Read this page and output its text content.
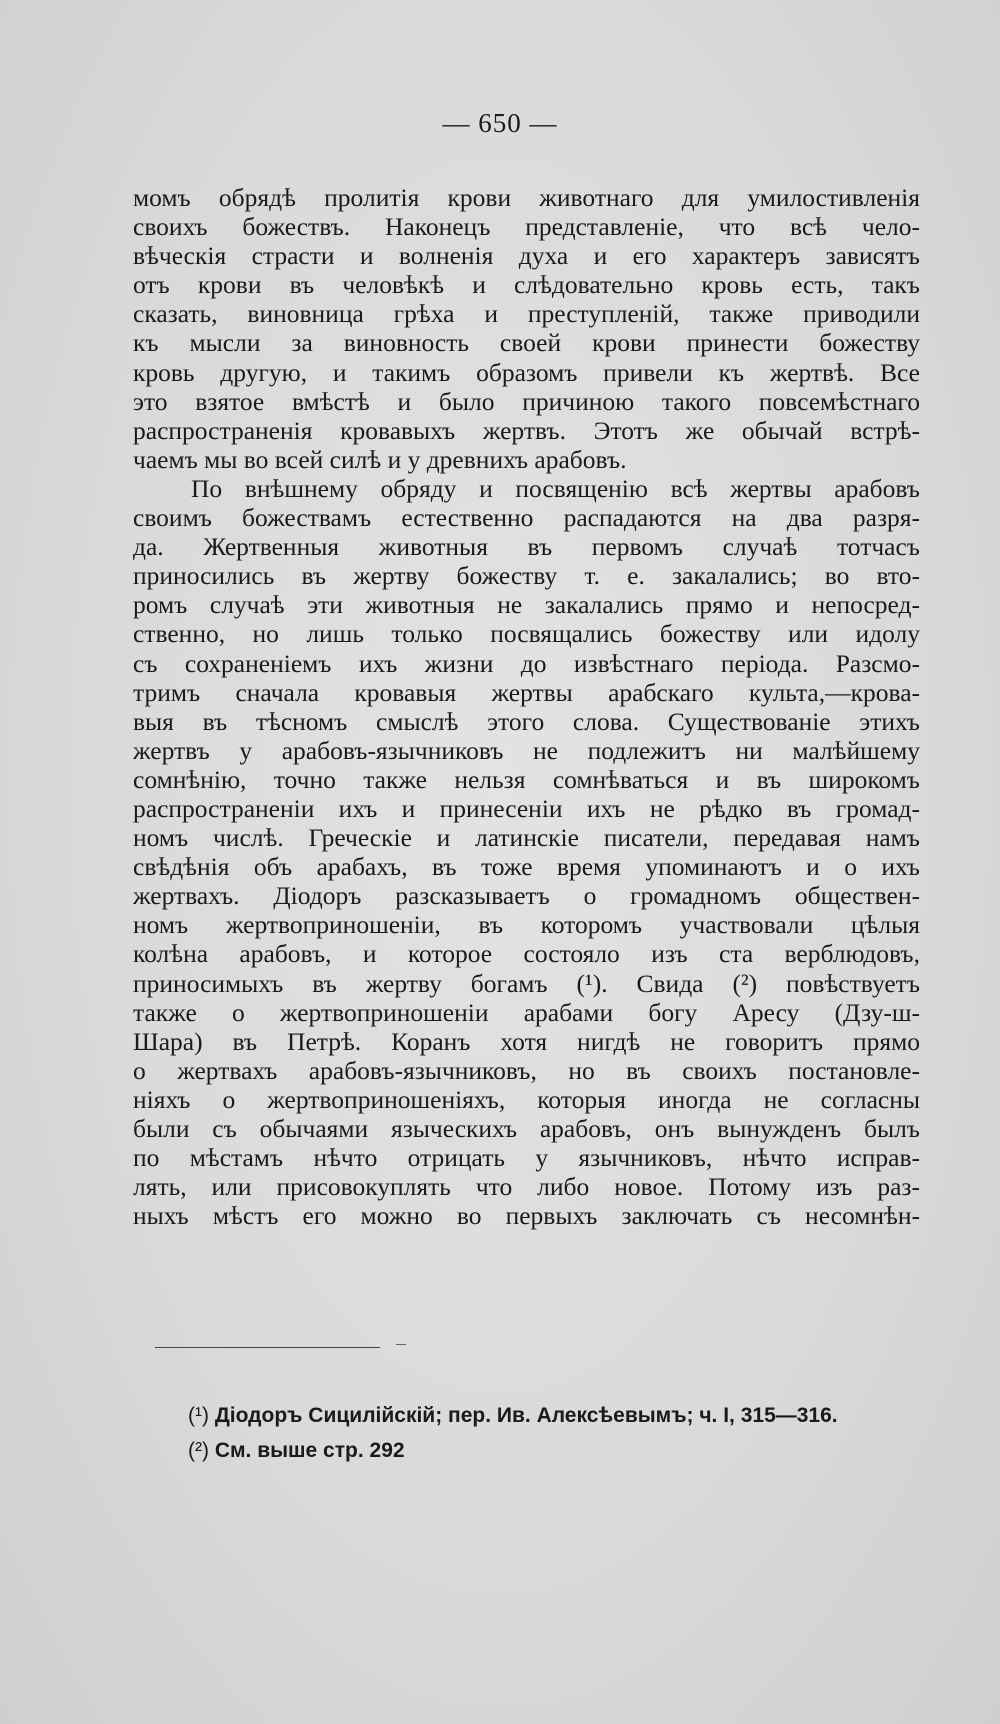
— 650 —
момъ обрядѣ пролитія крови животнаго для умилостивленія
своихъ божествъ. Наконецъ представленіе, что всѣ чело-
вѣческія страсти и волненія духа и его характеръ зависятъ
отъ крови въ человѣкѣ и слѣдовательно кровь есть, такъ
сказать, виновница грѣха и преступленій, также приводили
къ мысли за виновность своей крови принести божеству
кровь другую, и такимъ образомъ привели къ жертвѣ. Все
это взятое вмѣстѣ и было причиною такого повсемѣстнаго
распространенія кровавыхъ жертвъ. Этотъ же обычай встрѣ-
чаемъ мы во всей силѣ и у древнихъ арабовъ.
По внѣшнему обряду и посвященію всѣ жертвы арабовъ
своимъ божествамъ естественно распадаются на два разря-
да. Жертвенныя животныя въ первомъ случаѣ тотчасъ
приносились въ жертву божеству т. е. закалались; во вто-
ромъ случаѣ эти животныя не закалались прямо и непосред-
ственно, но лишь только посвящались божеству или идолу
съ сохраненіемъ ихъ жизни до извѣстнаго періода. Разсмо-
тримъ сначала кровавыя жертвы арабскаго культа,—крова-
выя въ тѣсномъ смыслѣ этого слова. Существованіе этихъ
жертвъ у арабовъ-язычниковъ не подлежитъ ни малѣйшему
сомнѣнію, точно также нельзя сомнѣваться и въ широкомъ
распространеніи ихъ и принесеніи ихъ не рѣдко въ громад-
номъ числѣ. Греческіе и латинскіе писатели, передавая намъ
свѣдѣнія объ арабахъ, въ тоже время упоминаютъ и о ихъ
жертвахъ. Діодоръ разсказываетъ о громадномъ обществен-
номъ жертвоприношеніи, въ которомъ участвовали цѣлыя
колѣна арабовъ, и которое состояло изъ ста верблюдовъ,
приносимыхъ въ жертву богамъ (¹). Свида (²) повѣствуетъ
также о жертвоприношеніи арабами богу Аресу (Дзу-ш-
Шара) въ Петрѣ. Коранъ хотя нигдѣ не говоритъ прямо
о жертвахъ арабовъ-язычниковъ, но въ своихъ постановле-
ніяхъ о жертвоприношеніяхъ, которыя иногда не согласны
были съ обычаями языческихъ арабовъ, онъ вынужденъ былъ
по мѣстамъ нѣчто отрицать у язычниковъ, нѣчто исправ-
лять, или присовокуплять что либо новое. Потому изъ раз-
ныхъ мѣстъ его можно во первыхъ заключать съ несомнѣн-
(¹) Діодоръ Сицилійскій; пер. Ив. Алексѣевымъ; ч. I, 315—316.
(²) См. выше стр. 292
